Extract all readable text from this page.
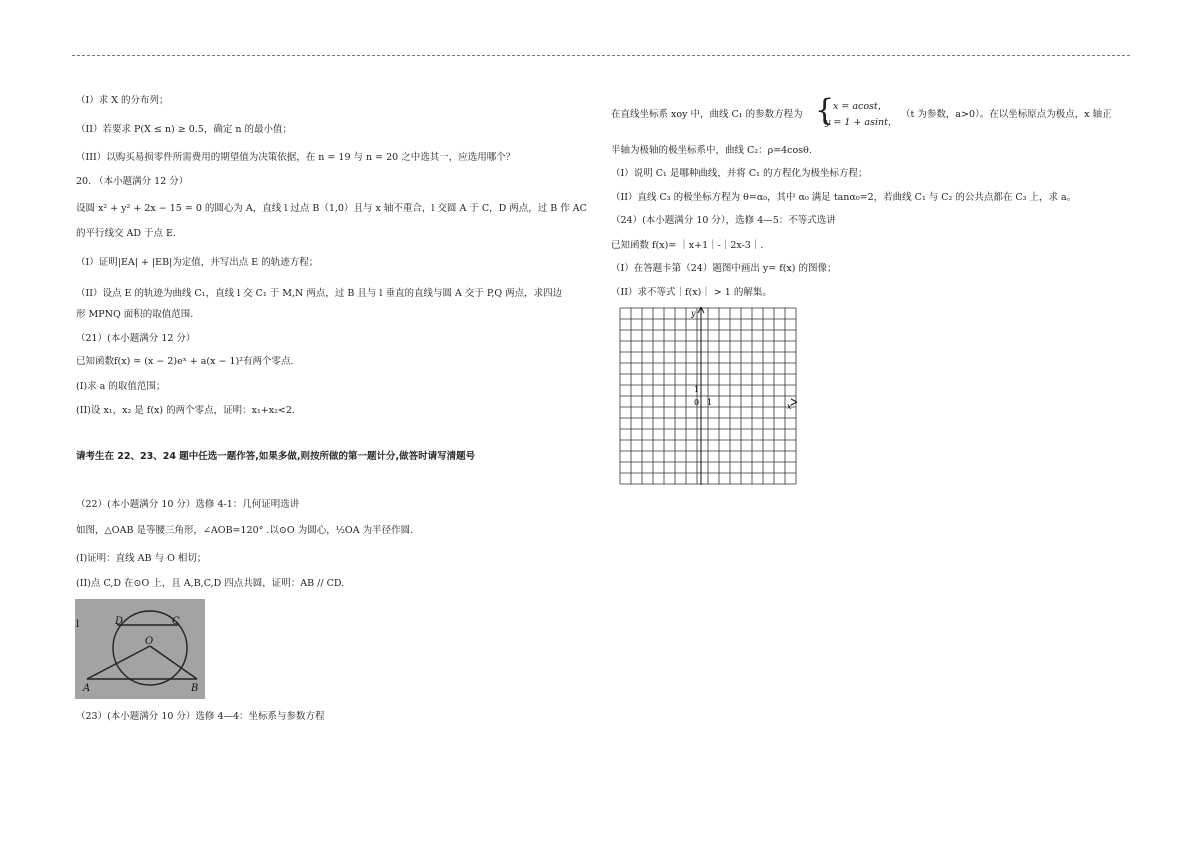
（I）求 X 的分布列；
（II）若要求 P(X ≤ n) ≥ 0.5，确定 n 的最小值；
（III）以购买易损零件所需费用的期望值为决策依据，在 n = 19 与 n = 20 之中选其一，应选用哪个？
20. （本小题满分 12 分）
设圆 x² + y² + 2x − 15 = 0 的圆心为 A，直线 l 过点 B（1,0）且与 x 轴不重合，l 交圆 A 于 C，D 两点，过 B 作 AC
的平行线交 AD 于点 E.
（I）证明|EA| + |EB|为定值，并写出点 E 的轨迹方程；
（II）设点 E 的轨迹为曲线 C₁，直线 l 交 C₁ 于 M,N 两点，过 B 且与 l 垂直的直线与圆 A 交于 P,Q 两点，求四边
形 MPNQ 面积的取值范围.
（21）(本小题满分 12 分）
已知函数f(x) = (x − 2)eˣ + a(x − 1)²有两个零点.
(I)求 a 的取值范围；
(II)设 x₁，x₂ 是 f(x) 的两个零点，证明：x₁+x₂<2.
请考生在 22、23、24 题中任选一题作答,如果多做,则按所做的第一题计分,做答时请写清题号
（22）(本小题满分 10 分）选修 4-1：几何证明选讲
如图，△OAB 是等腰三角形，∠AOB=120° .以⊙O 为圆心，½OA 为半径作圆.
(I)证明：直线 AB 与 O 相切；
(II)点 C,D 在⊙O 上，且 A,B,C,D 四点共圆，证明：AB // CD.
（23）(本小题满分 10 分）选修 4—4：坐标系与参数方程
D	C
O
A	B
l
在直线坐标系 xoy 中，曲线 C₁ 的参数方程为 {
x = acost，
y = 1 + asint，
（t 为参数，a>0）。在以坐标原点为极点，x 轴正
半轴为极轴的极坐标系中，曲线 C₂：ρ=4cosθ.
（I）说明 C₁ 是哪种曲线，并将 C₁ 的方程化为极坐标方程；
（II）直线 C₃ 的极坐标方程为 θ=α₀，其中 α₀ 满足 tanα₀=2，若曲线 C₁ 与 C₂ 的公共点都在 C₃ 上，求 a。
（24）(本小题满分 10 分），选修 4—5：不等式选讲
已知函数 f(x)= ｜x+1｜-｜2x-3｜.
（I）在答题卡第（24）题图中画出 y= f(x) 的图像；
（II）求不等式｜f(x)｜ > 1 的解集。
y
x
1
0 1
